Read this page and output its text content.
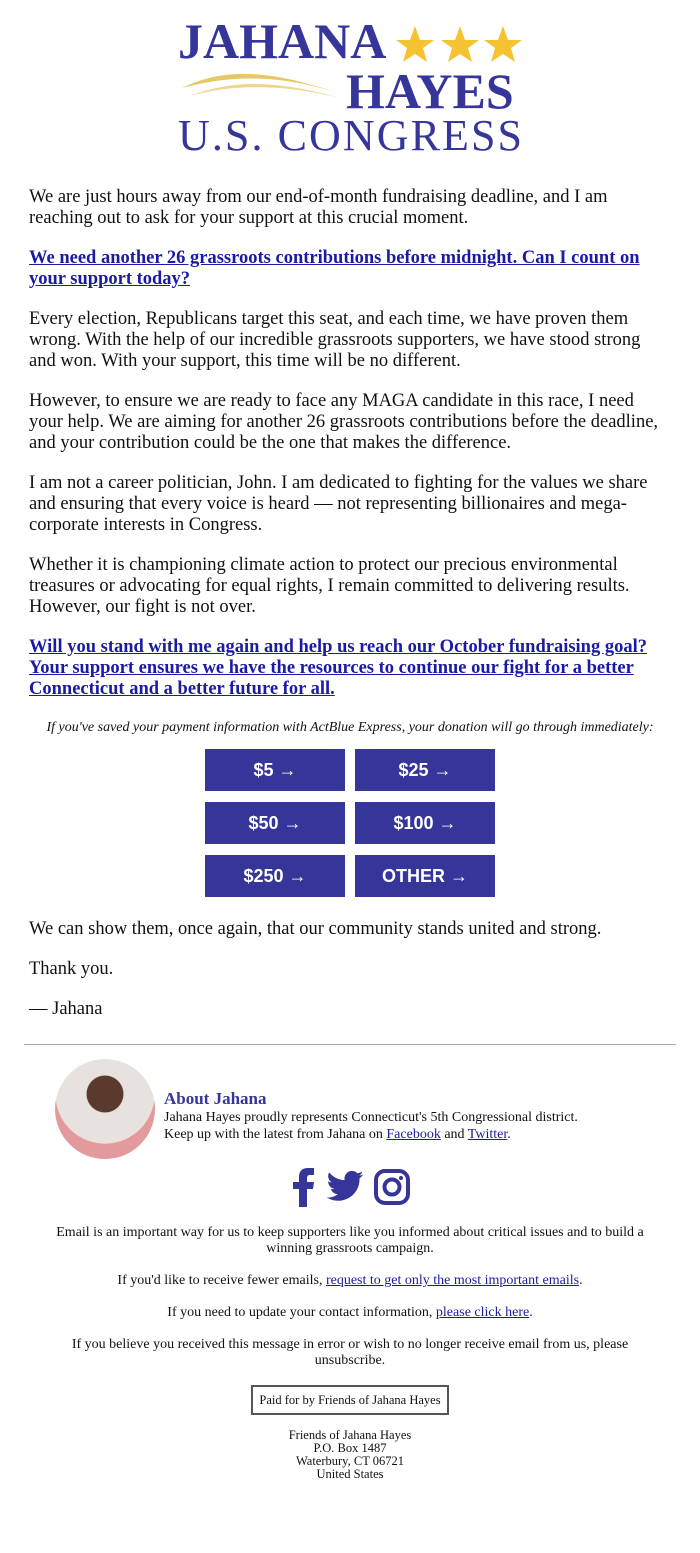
JAHANA
HAYES
U.S. CONGRESS

We are just hours away from our end-of-month fundraising deadline, and I am reaching out to ask for your support at this crucial moment.

We need another 26 grassroots contributions before midnight. Can I count on your support today?

Every election, Republicans target this seat, and each time, we have proven them wrong. With the help of our incredible grassroots supporters, we have stood strong and won. With your support, this time will be no different.

However, to ensure we are ready to face any MAGA candidate in this race, I need your help. We are aiming for another 26 grassroots contributions before the deadline, and your contribution could be the one that makes the difference.

I am not a career politician, John. I am dedicated to fighting for the values we share and ensuring that every voice is heard — not representing billionaires and mega-corporate interests in Congress.

Whether it is championing climate action to protect our precious environmental treasures or advocating for equal rights, I remain committed to delivering results. However, our fight is not over.

Will you stand with me again and help us reach our October fundraising goal? Your support ensures we have the resources to continue our fight for a better Connecticut and a better future for all.

If you've saved your payment information with ActBlue Express, your donation will go through immediately:
$5 →	$25 →
$50 →	$100 →
$250 →	OTHER →

We can show them, once again, that our community stands united and strong.

Thank you.

— Jahana

About Jahana
Jahana Hayes proudly represents Connecticut's 5th Congressional district.
Keep up with the latest from Jahana on Facebook and Twitter.

Email is an important way for us to keep supporters like you informed about critical issues and to build a winning grassroots campaign.

If you'd like to receive fewer emails, request to get only the most important emails.

If you need to update your contact information, please click here.

If you believe you received this message in error or wish to no longer receive email from us, please unsubscribe.

Paid for by Friends of Jahana Hayes
Friends of Jahana Hayes
P.O. Box 1487
Waterbury, CT 06721
United States
